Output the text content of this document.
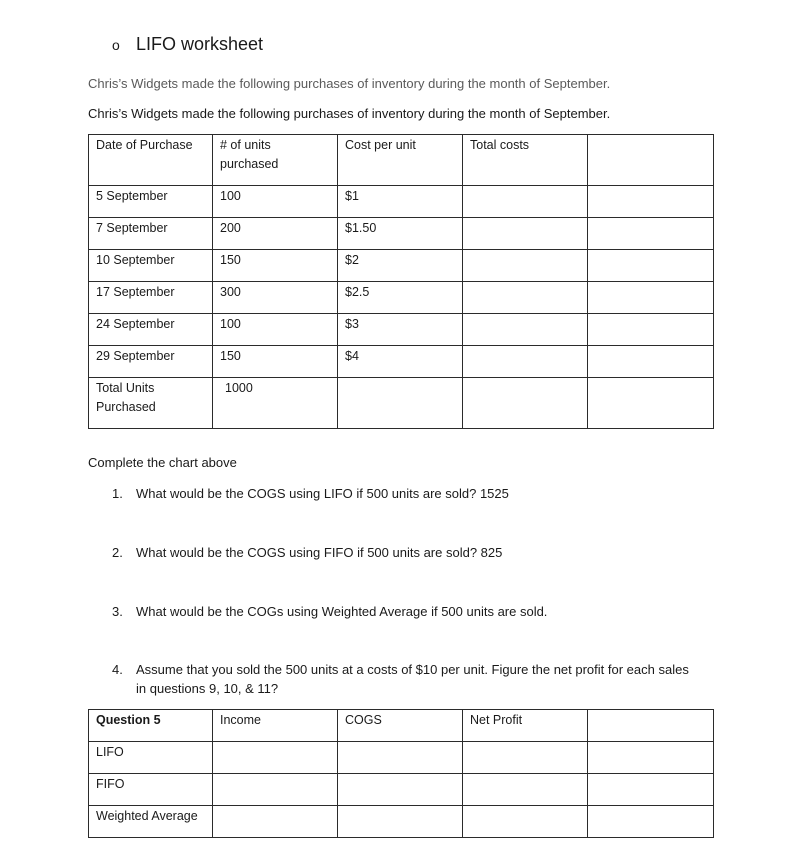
o LIFO worksheet
Chris’s Widgets made the following purchases of inventory during the month of September.
Chris’s Widgets made the following purchases of inventory during the month of September.
Date of Purchase	# of units purchased	Cost per unit	Total costs	
5 September	100	$1		
7 September	200	$1.50		
10 September	150	$2		
17 September	300	$2.5		
24 September	100	$3		
29 September	150	$4		
Total Units Purchased	1000			
Complete the chart above
1. What would be the COGS using LIFO if 500 units are sold? 1525
2. What would be the COGS using FIFO if 500 units are sold? 825
3. What would be the COGs using Weighted Average if 500 units are sold.
4. Assume that you sold the 500 units at a costs of $10 per unit. Figure the net profit for each sales in questions 9, 10, & 11?
Question 5	Income	COGS	Net Profit	
LIFO				
FIFO				
Weighted Average				
